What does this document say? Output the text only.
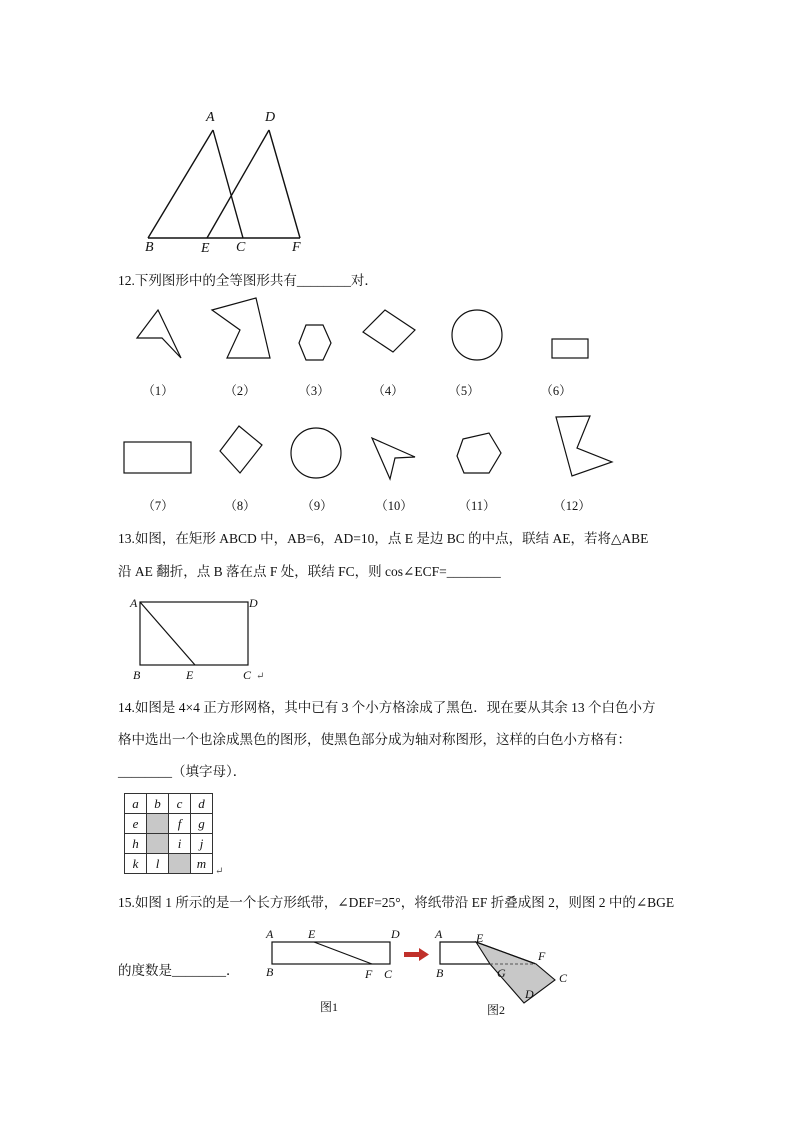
A	D
B	E C	F
12.下列图形中的全等图形共有________对．
（1）	（2）	（3）	（4）	（5）	（6）
（7）	（8）	（9）	（10）	（11）	（12）
13.如图，在矩形 ABCD 中，AB=6，AD=10，点 E 是边 BC 的中点，联结 AE，若将△ABE
沿 AE 翻折，点 B 落在点 F 处，联结 FC，则 cos∠ECF=________
A	D
B	E	C ↵
14.如图是 4×4 正方形网格，其中已有 3 个小方格涂成了黑色．现在要从其余 13 个白色小方
格中选出一个也涂成黑色的图形，使黑色部分成为轴对称图形，这样的白色小方格有：
________（填字母）．
a	b	c	d
e		f	g
h		i	j
k	l		m
↵
15.如图 1 所示的是一个长方形纸带，∠DEF=25°，将纸带沿 EF 折叠成图 2，则图 2 中的∠BGE
的度数是________．
A	E	D
B	F C
图1
A	E
F
B	G	C
D
图2
